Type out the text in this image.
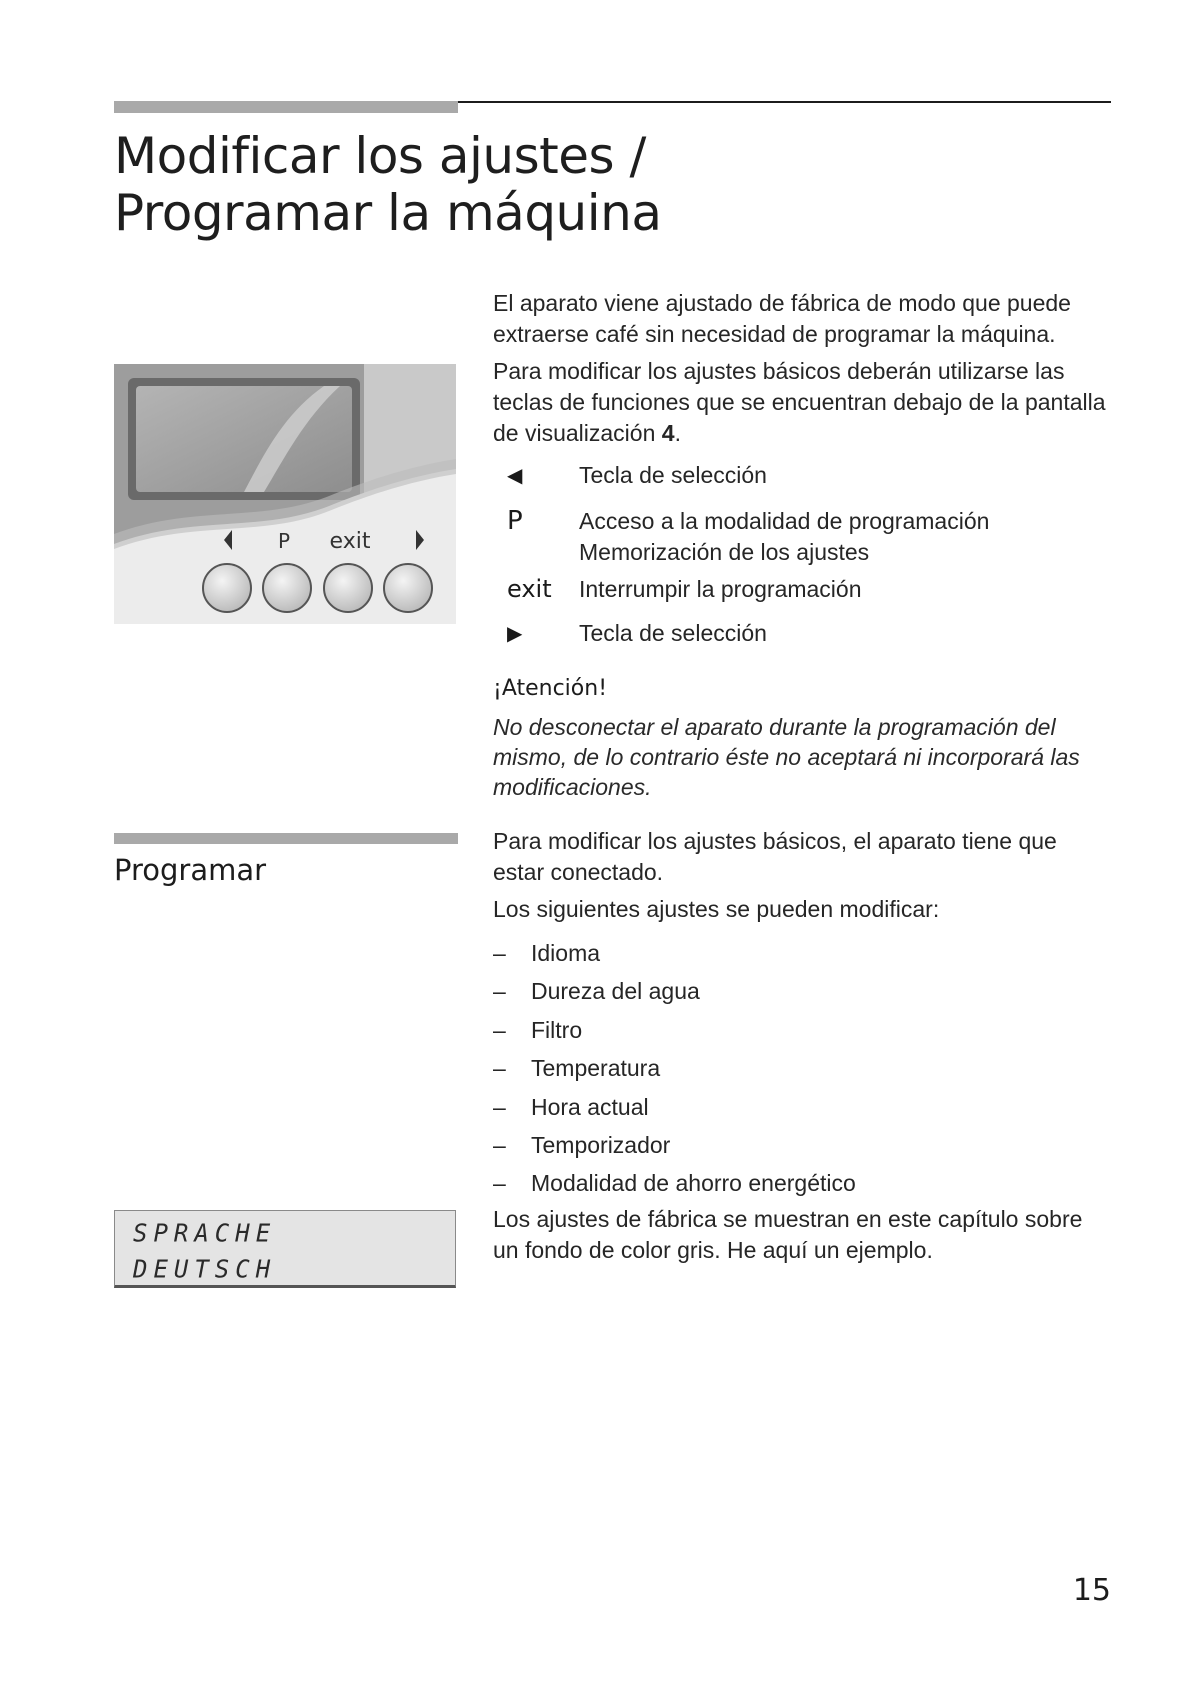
Modificar los ajustes /
Programar la máquina
P exit

El aparato viene ajustado de fábrica de modo que puede extraerse café sin necesidad de programar la máquina.

Para modificar los ajustes básicos deberán utilizarse las teclas de funciones que se encuentran debajo de la pantalla de visualización 4.

◀	Tecla de selección
P	Acceso a la modalidad de programación
Memorización de los ajustes
exit	Interrumpir la programación
▶	Tecla de selección
¡Atención!

No desconectar el aparato durante la programación del mismo, de lo contrario éste no aceptará ni incorporará las modificaciones.

Programar

Para modificar los ajustes básicos, el aparato tiene que estar conectado.

Los siguientes ajustes se pueden modificar:

– Idioma
– Dureza del agua
– Filtro
– Temperatura
– Hora actual
– Temporizador
– Modalidad de ahorro energético

Los ajustes de fábrica se muestran en este capítulo sobre un fondo de color gris. He aquí un ejemplo.

SPRACHE
DEUTSCH
15
